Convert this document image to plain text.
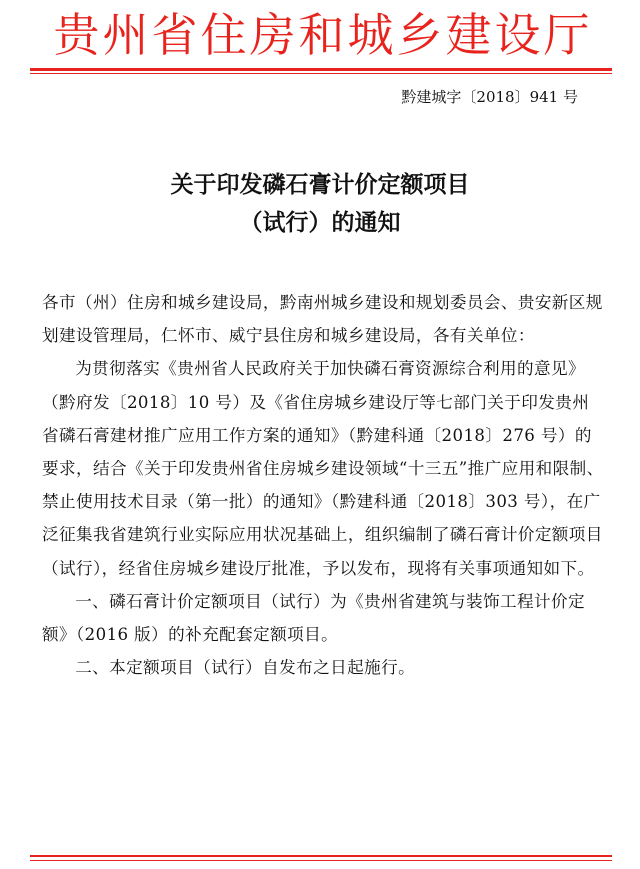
贵州省住房和城乡建设厅
黔建城字〔2018〕941 号
关于印发磷石膏计价定额项目
（试行）的通知

各市（州）住房和城乡建设局，黔南州城乡建设和规划委员会、贵安新区规划建设管理局，仁怀市、威宁县住房和城乡建设局，各有关单位：

为贯彻落实《贵州省人民政府关于加快磷石膏资源综合利用的意见》（黔府发〔2018〕10 号）及《省住房城乡建设厅等七部门关于印发贵州省磷石膏建材推广应用工作方案的通知》（黔建科通〔2018〕276 号）的要求，结合《关于印发贵州省住房城乡建设领域“十三五”推广应用和限制、禁止使用技术目录（第一批）的通知》（黔建科通〔2018〕303 号），在广泛征集我省建筑行业实际应用状况基础上，组织编制了磷石膏计价定额项目（试行），经省住房城乡建设厅批准，予以发布，现将有关事项通知如下。

一、磷石膏计价定额项目（试行）为《贵州省建筑与装饰工程计价定额》（2016 版）的补充配套定额项目。

二、本定额项目（试行）自发布之日起施行。
